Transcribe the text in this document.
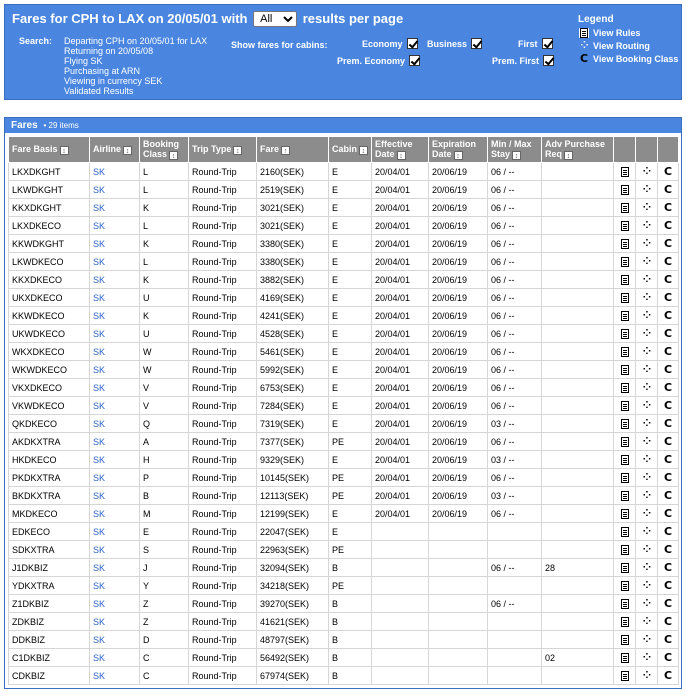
Fares for CPH to LAX on 20/05/01 with
All	results per page
Search: Departing CPH on 20/05/01 for LAX
Returning on 20/05/08
Flying SK
Purchasing at ARN
Viewing in currency SEK
Validated Results
Show fares for cabins:	Economy	Business	First
Prem. Economy	Prem. First
Legend
View Rules
⁘ View Routing
C View Booking Class
Fares • 29 items
Fare Basis ↕	Airline ↕	Booking Class ↕	Trip Type ↕	Fare ↑	Cabin ↕	Effective Date ↕	Expiration Date ↕	Min / Max Stay ↕	Adv Purchase Req ↕			
LKXDKGHT	SK	L	Round-Trip	2160(SEK)	E	20/04/01	20/06/19	06 / --			⁘	C
LKWDKGHT	SK	L	Round-Trip	2519(SEK)	E	20/04/01	20/06/19	06 / --			⁘	C
KKXDKGHT	SK	K	Round-Trip	3021(SEK)	E	20/04/01	20/06/19	06 / --			⁘	C
LKXDKECO	SK	L	Round-Trip	3021(SEK)	E	20/04/01	20/06/19	06 / --			⁘	C
KKWDKGHT	SK	K	Round-Trip	3380(SEK)	E	20/04/01	20/06/19	06 / --			⁘	C
LKWDKECO	SK	L	Round-Trip	3380(SEK)	E	20/04/01	20/06/19	06 / --			⁘	C
KKXDKECO	SK	K	Round-Trip	3882(SEK)	E	20/04/01	20/06/19	06 / --			⁘	C
UKXDKECO	SK	U	Round-Trip	4169(SEK)	E	20/04/01	20/06/19	06 / --			⁘	C
KKWDKECO	SK	K	Round-Trip	4241(SEK)	E	20/04/01	20/06/19	06 / --			⁘	C
UKWDKECO	SK	U	Round-Trip	4528(SEK)	E	20/04/01	20/06/19	06 / --			⁘	C
WKXDKECO	SK	W	Round-Trip	5461(SEK)	E	20/04/01	20/06/19	06 / --			⁘	C
WKWDKECO	SK	W	Round-Trip	5992(SEK)	E	20/04/01	20/06/19	06 / --			⁘	C
VKXDKECO	SK	V	Round-Trip	6753(SEK)	E	20/04/01	20/06/19	06 / --			⁘	C
VKWDKECO	SK	V	Round-Trip	7284(SEK)	E	20/04/01	20/06/19	06 / --			⁘	C
QKDKECO	SK	Q	Round-Trip	7319(SEK)	E	20/04/01	20/06/19	03 / --			⁘	C
AKDKXTRA	SK	A	Round-Trip	7377(SEK)	PE	20/04/01	20/06/19	06 / --			⁘	C
HKDKECO	SK	H	Round-Trip	9329(SEK)	E	20/04/01	20/06/19	03 / --			⁘	C
PKDKXTRA	SK	P	Round-Trip	10145(SEK)	PE	20/04/01	20/06/19	06 / --			⁘	C
BKDKXTRA	SK	B	Round-Trip	12113(SEK)	PE	20/04/01	20/06/19	03 / --			⁘	C
MKDKECO	SK	M	Round-Trip	12199(SEK)	E	20/04/01	20/06/19	06 / --			⁘	C
EDKECO	SK	E	Round-Trip	22047(SEK)	E						⁘	C
SDKXTRA	SK	S	Round-Trip	22963(SEK)	PE						⁘	C
J1DKBIZ	SK	J	Round-Trip	32094(SEK)	B			06 / --	28		⁘	C
YDKXTRA	SK	Y	Round-Trip	34218(SEK)	PE						⁘	C
Z1DKBIZ	SK	Z	Round-Trip	39270(SEK)	B			06 / --			⁘	C
ZDKBIZ	SK	Z	Round-Trip	41621(SEK)	B						⁘	C
DDKBIZ	SK	D	Round-Trip	48797(SEK)	B						⁘	C
C1DKBIZ	SK	C	Round-Trip	56492(SEK)	B				02		⁘	C
CDKBIZ	SK	C	Round-Trip	67974(SEK)	B						⁘	C
